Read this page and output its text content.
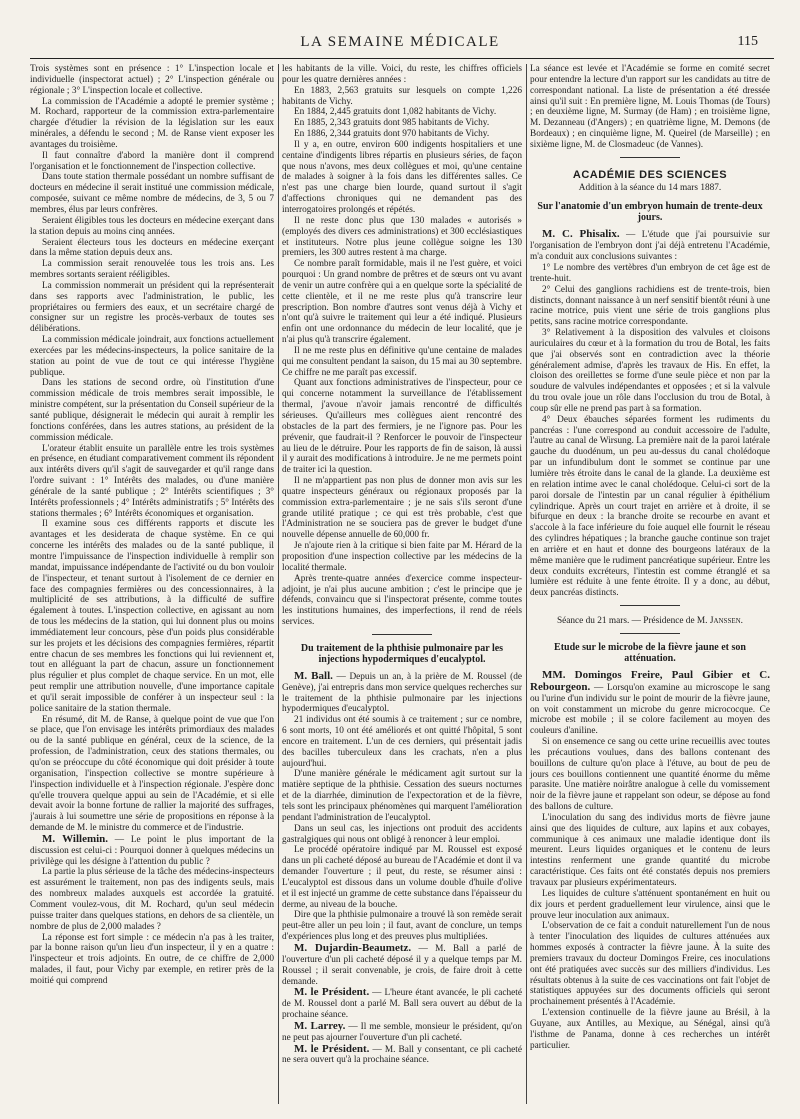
LA SEMAINE MÉDICALE	115

Trois systèmes sont en présence : 1° L'inspection locale et individuelle (inspectorat actuel) ; 2° L'inspection générale ou régionale ; 3° L'inspection locale et collective.

La commission de l'Académie a adopté le premier système ; M. Rochard, rapporteur de la commission extra-parlementaire chargée d'étudier la révision de la législation sur les eaux minérales, a défendu le second ; M. de Ranse vient exposer les avantages du troisième.

Il faut connaître d'abord la manière dont il comprend l'organisation et le fonctionnement de l'inspection collective.

Dans toute station thermale possédant un nombre suffisant de docteurs en médecine il serait institué une commission médicale, composée, suivant ce même nombre de médecins, de 3, 5 ou 7 membres, élus par leurs confrères.

Seraient éligibles tous les docteurs en médecine exerçant dans la station depuis au moins cinq années.

Seraient électeurs tous les docteurs en médecine exerçant dans la même station depuis deux ans.

La commission serait renouvelée tous les trois ans. Les membres sortants seraient rééligibles.

La commission nommerait un président qui la représenterait dans ses rapports avec l'administration, le public, les propriétaires ou fermiers des eaux, et un secrétaire chargé de consigner sur un registre les procès-verbaux de toutes ses délibérations.

La commission médicale joindrait, aux fonctions actuellement exercées par les médecins-inspecteurs, la police sanitaire de la station au point de vue de tout ce qui intéresse l'hygiène publique.

Dans les stations de second ordre, où l'institution d'une commission médicale de trois membres serait impossible, le ministre compétent, sur la présentation du Conseil supérieur de la santé publique, désignerait le médecin qui aurait à remplir les fonctions conférées, dans les autres stations, au président de la commission médicale.

L'orateur établit ensuite un parallèle entre les trois systèmes en présence, en étudiant comparativement comment ils répondent aux intérêts divers qu'il s'agit de sauvegarder et qu'il range dans l'ordre suivant : 1° Intérêts des malades, ou d'une manière générale de la santé publique ; 2° Intérêts scientifiques ; 3° Intérêts professionnels ; 4° Intérêts administratifs ; 5° Intérêts des stations thermales ; 6° Intérêts économiques et organisation.

Il examine sous ces différents rapports et discute les avantages et les desiderata de chaque système. En ce qui concerne les intérêts des malades ou de la santé publique, il montre l'impuissance de l'inspection individuelle à remplir son mandat, impuissance indépendante de l'activité ou du bon vouloir de l'inspecteur, et tenant surtout à l'isolement de ce dernier en face des compagnies fermières ou des concessionnaires, à la multiplicité de ses attributions, à la difficulté de suffire également à toutes. L'inspection collective, en agissant au nom de tous les médecins de la station, qui lui donnent plus ou moins immédiatement leur concours, pèse d'un poids plus considérable sur les projets et les décisions des compagnies fermières, répartit entre chacun de ses membres les fonctions qui lui reviennent et, tout en alléguant la part de chacun, assure un fonctionnement plus régulier et plus complet de chaque service. En un mot, elle peut remplir une attribution nouvelle, d'une importance capitale et qu'il serait impossible de conférer à un inspecteur seul : la police sanitaire de la station thermale.

En résumé, dit M. de Ranse, à quelque point de vue que l'on se place, que l'on envisage les intérêts primordiaux des malades ou de la santé publique en général, ceux de la science, de la profession, de l'administration, ceux des stations thermales, ou qu'on se préoccupe du côté économique qui doit présider à toute organisation, l'inspection collective se montre supérieure à l'inspection individuelle et à l'inspection régionale. J'espère donc qu'elle trouvera quelque appui au sein de l'Académie, et si elle devait avoir la bonne fortune de rallier la majorité des suffrages, j'aurais à lui soumettre une série de propositions en réponse à la demande de M. le ministre du commerce et de l'industrie.

M. Willemin. — Le point le plus important de la discussion est celui-ci : Pourquoi donner à quelques médecins un privilège qui les désigne à l'attention du public ?

La partie la plus sérieuse de la tâche des médecins-inspecteurs est assurément le traitement, non pas des indigents seuls, mais des nombreux malades auxquels est accordée la gratuité. Comment voulez-vous, dit M. Rochard, qu'un seul médecin puisse traiter dans quelques stations, en dehors de sa clientèle, un nombre de plus de 2,000 malades ?

La réponse est fort simple : ce médecin n'a pas à les traiter, par la bonne raison qu'un lieu d'un inspecteur, il y en a quatre : l'inspecteur et trois adjoints. En outre, de ce chiffre de 2,000 malades, il faut, pour Vichy par exemple, en retirer près de la moitié qui comprend

les habitants de la ville. Voici, du reste, les chiffres officiels pour les quatre dernières années :

En 1883, 2,563 gratuits sur lesquels on compte 1,226 habitants de Vichy.

En 1884, 2,445 gratuits dont 1,082 habitants de Vichy.

En 1885, 2,343 gratuits dont 985 habitants de Vichy.

En 1886, 2,344 gratuits dont 970 habitants de Vichy.

Il y a, en outre, environ 600 indigents hospitaliers et une centaine d'indigents libres répartis en plusieurs séries, de façon que nous n'avons, mes deux collègues et moi, qu'une centaine de malades à soigner à la fois dans les différentes salles. Ce n'est pas une charge bien lourde, quand surtout il s'agit d'affections chroniques qui ne demandent pas des interrogatoires prolongés et répétés.

Il ne reste donc plus que 130 malades « autorisés » (employés des divers ces administrations) et 300 ecclésiastiques et instituteurs. Notre plus jeune collègue soigne les 130 premiers, les 300 autres restent à ma charge.

Ce nombre paraît formidable, mais il ne l'est guère, et voici pourquoi : Un grand nombre de prêtres et de sœurs ont vu avant de venir un autre confrère qui a en quelque sorte la spécialité de cette clientèle, et il ne me reste plus qu'à transcrire leur prescription. Bon nombre d'autres sont venus déjà à Vichy et n'ont qu'à suivre le traitement qui leur a été indiqué. Plusieurs enfin ont une ordonnance du médecin de leur localité, que je n'ai plus qu'à transcrire également.

Il ne me reste plus en définitive qu'une centaine de malades qui me consultent pendant la saison, du 15 mai au 30 septembre. Ce chiffre ne me paraît pas excessif.

Quant aux fonctions administratives de l'inspecteur, pour ce qui concerne notamment la surveillance de l'établissement thermal, j'avoue n'avoir jamais rencontré de difficultés sérieuses. Qu'ailleurs mes collègues aient rencontré des obstacles de la part des fermiers, je ne l'ignore pas. Pour les prévenir, que faudrait-il ? Renforcer le pouvoir de l'inspecteur au lieu de le détruire. Pour les rapports de fin de saison, là aussi il y aurait des modifications à introduire. Je ne me permets point de traiter ici la question.

Il ne m'appartient pas non plus de donner mon avis sur les quatre inspecteurs généraux ou régionaux proposés par la commission extra-parlementaire ; je ne sais s'ils seront d'une grande utilité pratique ; ce qui est très probable, c'est que l'Administration ne se souciera pas de grever le budget d'une nouvelle dépense annuelle de 60,000 fr.

Je n'ajoute rien à la critique si bien faite par M. Hérard de la proposition d'une inspection collective par les médecins de la localité thermale.

Après trente-quatre années d'exercice comme inspecteur-adjoint, je n'ai plus aucune ambition ; c'est le principe que je défends, convaincu que si l'inspectorat présente, comme toutes les institutions humaines, des imperfections, il rend de réels services.

Du traitement de la phthisie pulmonaire par les injections hypodermiques d'eucalyptol.

M. Ball. — Depuis un an, à la prière de M. Roussel (de Genève), j'ai entrepris dans mon service quelques recherches sur le traitement de la phthisie pulmonaire par les injections hypodermiques d'eucalyptol.

21 individus ont été soumis à ce traitement ; sur ce nombre, 6 sont morts, 10 ont été améliorés et ont quitté l'hôpital, 5 sont encore en traitement. L'un de ces derniers, qui présentait jadis des bacilles tuberculeux dans les crachats, n'en a plus aujourd'hui.

D'une manière générale le médicament agit surtout sur la matière septique de la phthisie. Cessation des sueurs nocturnes et de la diarrhée, diminution de l'expectoration et de la fièvre, tels sont les principaux phénomènes qui marquent l'amélioration pendant l'administration de l'eucalyptol.

Dans un seul cas, les injections ont produit des accidents gastralgiques qui nous ont obligé à renoncer à leur emploi.

Le procédé opératoire indiqué par M. Roussel est exposé dans un pli cacheté déposé au bureau de l'Académie et dont il va demander l'ouverture ; il peut, du reste, se résumer ainsi : L'eucalyptol est dissous dans un volume double d'huile d'olive et il est injecté un gramme de cette substance dans l'épaisseur du derme, au niveau de la bouche.

Dire que la phthisie pulmonaire a trouvé là son remède serait peut-être aller un peu loin ; il faut, avant de conclure, un temps d'expériences plus long et des preuves plus multipliées.

M. Dujardin-Beaumetz. — M. Ball a parlé de l'ouverture d'un pli cacheté déposé il y a quelque temps par M. Roussel ; il serait convenable, je crois, de faire droit à cette demande.

M. le Président. — L'heure étant avancée, le pli cacheté de M. Roussel dont a parlé M. Ball sera ouvert au début de la prochaine séance.

M. Larrey. — Il me semble, monsieur le président, qu'on ne peut pas ajourner l'ouverture d'un pli cacheté.

M. le Président. — M. Ball y consentant, ce pli cacheté ne sera ouvert qu'à la prochaine séance.

La séance est levée et l'Académie se forme en comité secret pour entendre la lecture d'un rapport sur les candidats au titre de correspondant national. La liste de présentation a été dressée ainsi qu'il suit : En première ligne, M. Louis Thomas (de Tours) ; en deuxième ligne, M. Surmay (de Ham) ; en troisième ligne, M. Dezanneau (d'Angers) ; en quatrième ligne, M. Demons (de Bordeaux) ; en cinquième ligne, M. Queirel (de Marseille) ; en sixième ligne, M. de Closmadeuc (de Vannes).

ACADÉMIE DES SCIENCES
Addition à la séance du 14 mars 1887.
Sur l'anatomie d'un embryon humain de trente-deux jours.

M. C. Phisalix. — L'étude que j'ai poursuivie sur l'organisation de l'embryon dont j'ai déjà entretenu l'Académie, m'a conduit aux conclusions suivantes :

1° Le nombre des vertèbres d'un embryon de cet âge est de trente-huit.

2° Celui des ganglions rachidiens est de trente-trois, bien distincts, donnant naissance à un nerf sensitif bientôt réuni à une racine motrice, puis vient une série de trois ganglions plus petits, sans racine motrice correspondante.

3° Relativement à la disposition des valvules et cloisons auriculaires du cœur et à la formation du trou de Botal, les faits que j'ai observés sont en contradiction avec la théorie généralement admise, d'après les travaux de His. En effet, la cloison des oreillettes se forme d'une seule pièce et non par la soudure de valvules indépendantes et opposées ; et si la valvule du trou ovale joue un rôle dans l'occlusion du trou de Botal, à coup sûr elle ne prend pas part à sa formation.

4° Deux ébauches séparées forment les rudiments du pancréas : l'une correspond au conduit accessoire de l'adulte, l'autre au canal de Wirsung. La première nait de la paroi latérale gauche du duodénum, un peu au-dessus du canal cholédoque par un infundibulum dont le sommet se continue par une lumière très étroite dans le canal de la glande. La deuxième est en relation intime avec le canal cholédoque. Celui-ci sort de la paroi dorsale de l'intestin par un canal régulier à épithélium cylindrique. Après un court trajet en arrière et à droite, il se bifurque en deux : la branche droite se recourbe en avant et s'accole à la face inférieure du foie auquel elle fournit le réseau des cylindres hépatiques ; la branche gauche continue son trajet en arrière et en haut et donne des bourgeons latéraux de la même manière que le rudiment pancréatique supérieur. Entre les deux conduits excréteurs, l'intestin est comme étranglé et sa lumière est réduite à une fente étroite. Il y a donc, au début, deux pancréas distincts.

Séance du 21 mars. — Présidence de M. Janssen.
Etude sur le microbe de la fièvre jaune et son atténuation.

MM. Domingos Freire, Paul Gibier et C. Rebourgeon. — Lorsqu'on examine au microscope le sang ou l'urine d'un individu sur le point de mourir de la fièvre jaune, on voit constamment un microbe du genre micrococque. Ce microbe est mobile ; il se colore facilement au moyen des couleurs d'aniline.

Si on ensemence ce sang ou cette urine recueillis avec toutes les précautions voulues, dans des ballons contenant des bouillons de culture qu'on place à l'étuve, au bout de peu de jours ces bouillons contiennent une quantité énorme du même parasite. Une matière noirâtre analogue à celle du vomissement noir de la fièvre jaune et rappelant son odeur, se dépose au fond des ballons de culture.

L'inoculation du sang des individus morts de fièvre jaune ainsi que des liquides de culture, aux lapins et aux cobayes, communique à ces animaux une maladie identique dont ils meurent. Leurs liquides organiques et le contenu de leurs intestins renferment une grande quantité du microbe caractéristique. Ces faits ont été constatés depuis nos premiers travaux par plusieurs expérimentateurs.

Les liquides de culture s'atténuent spontanément en huit ou dix jours et perdent graduellement leur virulence, ainsi que le prouve leur inoculation aux animaux.

L'observation de ce fait a conduit naturellement l'un de nous à tenter l'inoculation des liquides de cultures atténuées aux hommes exposés à contracter la fièvre jaune. À la suite des premiers travaux du docteur Domingos Freire, ces inoculations ont été pratiquées avec succès sur des milliers d'individus. Les résultats obtenus à la suite de ces vaccinations ont fait l'objet de statistiques appuyées sur des documents officiels qui seront prochainement présentés à l'Académie.

L'extension continuelle de la fièvre jaune au Brésil, à la Guyane, aux Antilles, au Mexique, au Sénégal, ainsi qu'à l'isthme de Panama, donne à ces recherches un intérêt particulier.
